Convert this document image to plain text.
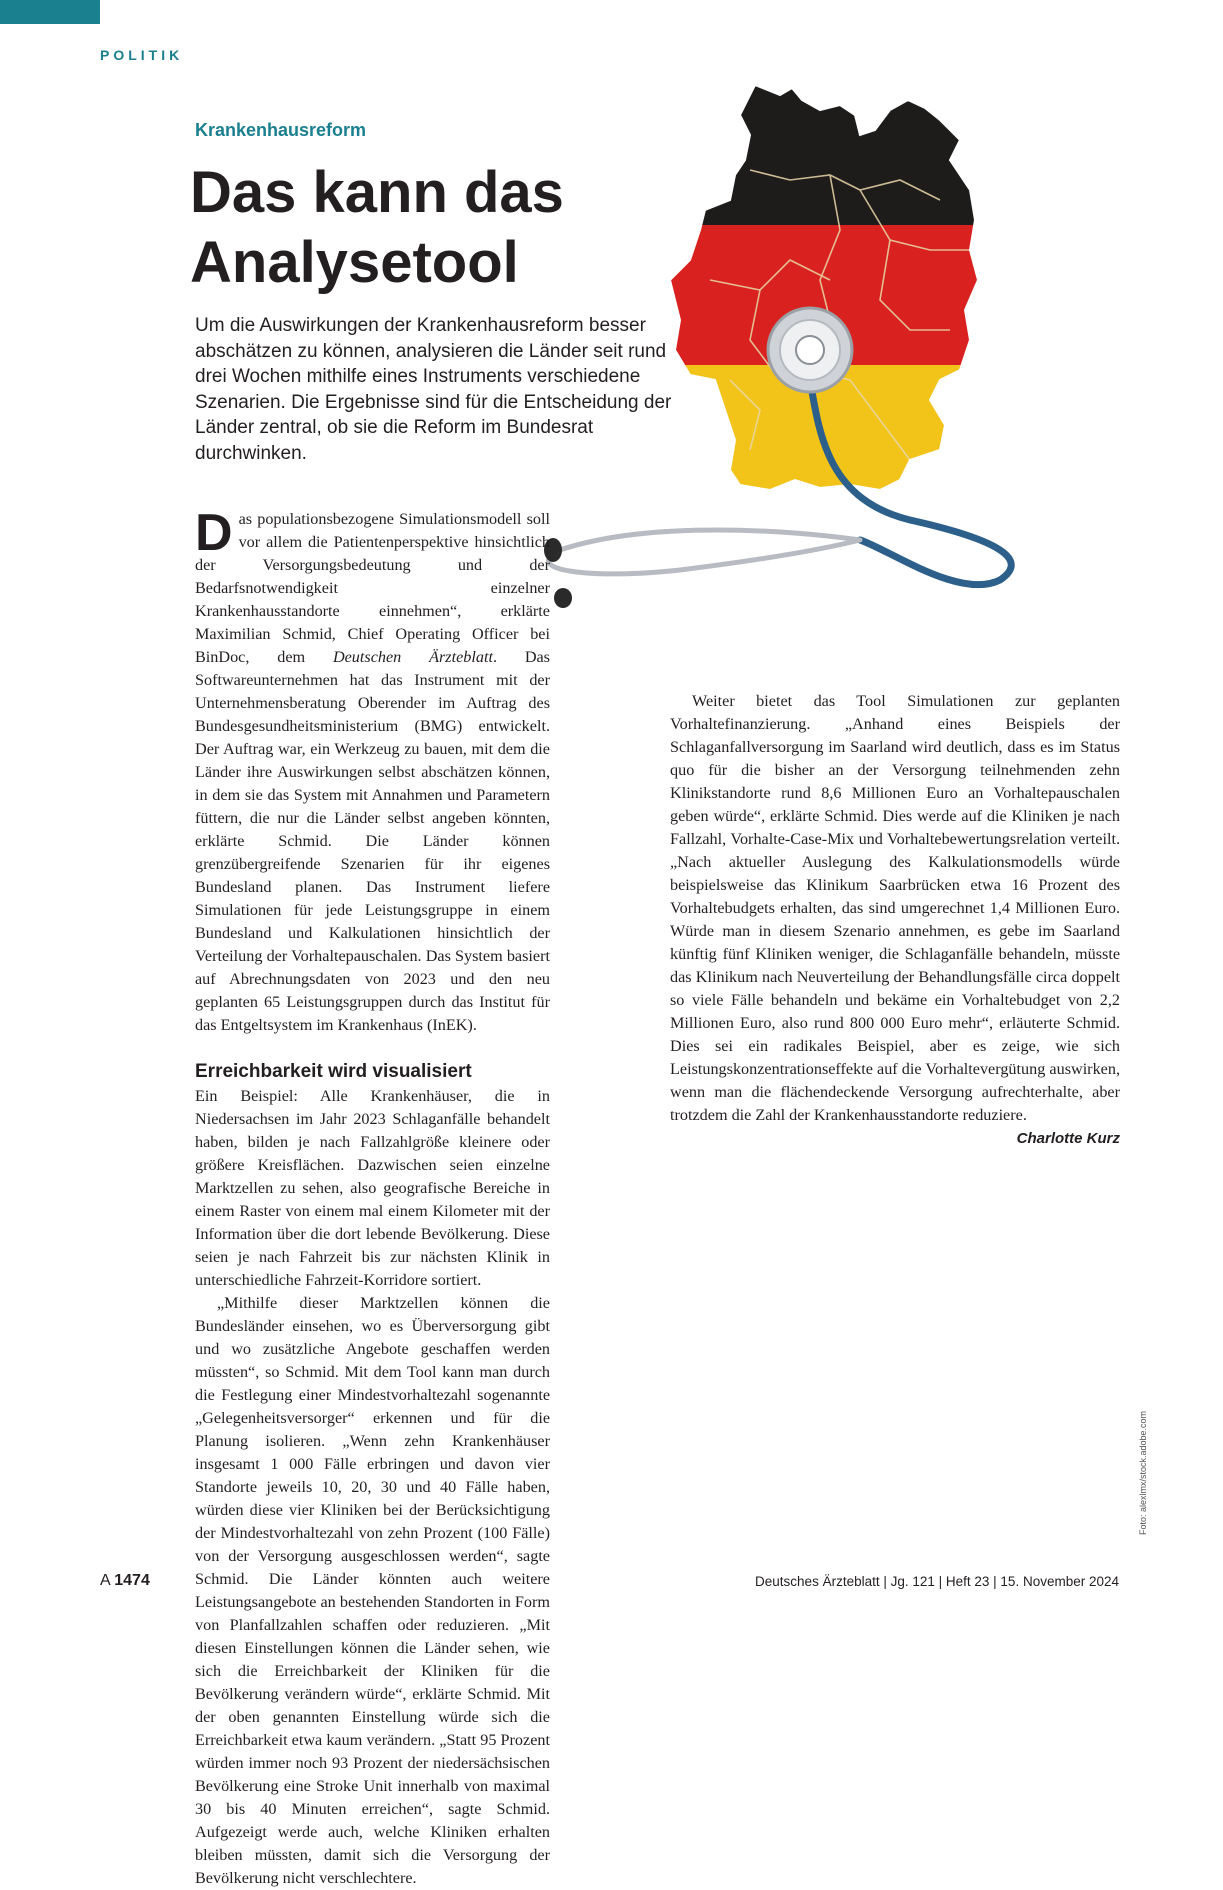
POLITIK
Krankenhausreform
Das kann das Analysetool

Um die Auswirkungen der Krankenhausreform besser abschätzen zu können, analysieren die Länder seit rund drei Wochen mithilfe eines Instruments verschiedene Szenarien. Die Ergebnisse sind für die Entscheidung der Länder zentral, ob sie die Reform im Bundesrat durchwinken.

Das populationsbezogene Simulationsmodell soll vor allem die Patientenperspektive hinsichtlich der Versorgungsbedeutung und der Bedarfsnotwendigkeit einzelner Krankenhausstandorte einnehmen“, erklärte Maximilian Schmid, Chief Operating Officer bei BinDoc, dem Deutschen Ärzteblatt. Das Softwareunternehmen hat das Instrument mit der Unternehmensberatung Oberender im Auftrag des Bundesgesundheitsministerium (BMG) entwickelt. Der Auftrag war, ein Werkzeug zu bauen, mit dem die Länder ihre Auswirkungen selbst abschätzen können, in dem sie das System mit Annahmen und Parametern füttern, die nur die Länder selbst angeben könnten, erklärte Schmid. Die Länder können grenzübergreifende Szenarien für ihr eigenes Bundesland planen. Das Instrument liefere Simulationen für jede Leistungsgruppe in einem Bundesland und Kalkulationen hinsichtlich der Verteilung der Vorhaltepauschalen. Das System basiert auf Abrechnungsdaten von 2023 und den neu geplanten 65 Leistungsgruppen durch das Institut für das Entgeltsystem im Krankenhaus (InEK).

Erreichbarkeit wird visualisiert

Ein Beispiel: Alle Krankenhäuser, die in Niedersachsen im Jahr 2023 Schlaganfälle behandelt haben, bilden je nach Fallzahlgröße kleinere oder größere Kreisflächen. Dazwischen seien einzelne Marktzellen zu sehen, also geografische Bereiche in einem Raster von einem mal einem Kilometer mit der Information über die dort lebende Bevölkerung. Diese seien je nach Fahrzeit bis zur nächsten Klinik in unterschiedliche Fahrzeit-Korridore sortiert.

„Mithilfe dieser Marktzellen können die Bundesländer einsehen, wo es Überversorgung gibt und wo zusätzliche Angebote geschaffen werden müssten“, so Schmid. Mit dem Tool kann man durch die Festlegung einer Mindestvorhaltezahl sogenannte „Gelegenheitsversorger“ erkennen und für die Planung isolieren. „Wenn zehn Krankenhäuser insgesamt 1 000 Fälle erbringen und davon vier Standorte jeweils 10, 20, 30 und 40 Fälle haben, würden diese vier Kliniken bei der Berücksichtigung der Mindestvorhaltezahl von zehn Prozent (100 Fälle) von der Versorgung ausgeschlossen werden“, sagte Schmid. Die Länder könnten auch weitere Leistungsangebote an bestehenden Standorten in Form von Planfallzahlen schaffen oder reduzieren. „Mit diesen Einstellungen können die Länder sehen, wie sich die Erreichbarkeit der Kliniken für die Bevölkerung verändern würde“, erklärte Schmid. Mit der oben genannten Einstellung würde sich die Erreichbarkeit etwa kaum verändern. „Statt 95 Prozent würden immer noch 93 Prozent der niedersächsischen Bevölkerung eine Stroke Unit innerhalb von maximal 30 bis 40 Minuten erreichen“, sagte Schmid. Aufgezeigt werde auch, welche Kliniken erhalten bleiben müssten, damit sich die Versorgung der Bevölkerung nicht verschlechtere.

Weiter bietet das Tool Simulationen zur geplanten Vorhaltefinanzierung. „Anhand eines Beispiels der Schlaganfallversorgung im Saarland wird deutlich, dass es im Status quo für die bisher an der Versorgung teilnehmenden zehn Klinikstandorte rund 8,6 Millionen Euro an Vorhaltepauschalen geben würde“, erklärte Schmid. Dies werde auf die Kliniken je nach Fallzahl, Vorhalte-Case-Mix und Vorhaltebewertungsrelation verteilt. „Nach aktueller Auslegung des Kalkulationsmodells würde beispielsweise das Klinikum Saarbrücken etwa 16 Prozent des Vorhaltebudgets erhalten, das sind umgerechnet 1,4 Millionen Euro. Würde man in diesem Szenario annehmen, es gebe im Saarland künftig fünf Kliniken weniger, die Schlaganfälle behandeln, müsste das Klinikum nach Neuverteilung der Behandlungsfälle circa doppelt so viele Fälle behandeln und bekäme ein Vorhaltebudget von 2,2 Millionen Euro, also rund 800 000 Euro mehr“, erläuterte Schmid. Dies sei ein radikales Beispiel, aber es zeige, wie sich Leistungskonzentrationseffekte auf die Vorhaltevergütung auswirken, wenn man die flächendeckende Versorgung aufrechterhalte, aber trotzdem die Zahl der Krankenhausstandorte reduziere.

Charlotte Kurz
Foto: alexlmx/stock.adobe.com
A 1474	Deutsches Ärzteblatt | Jg. 121 | Heft 23 | 15. November 2024
